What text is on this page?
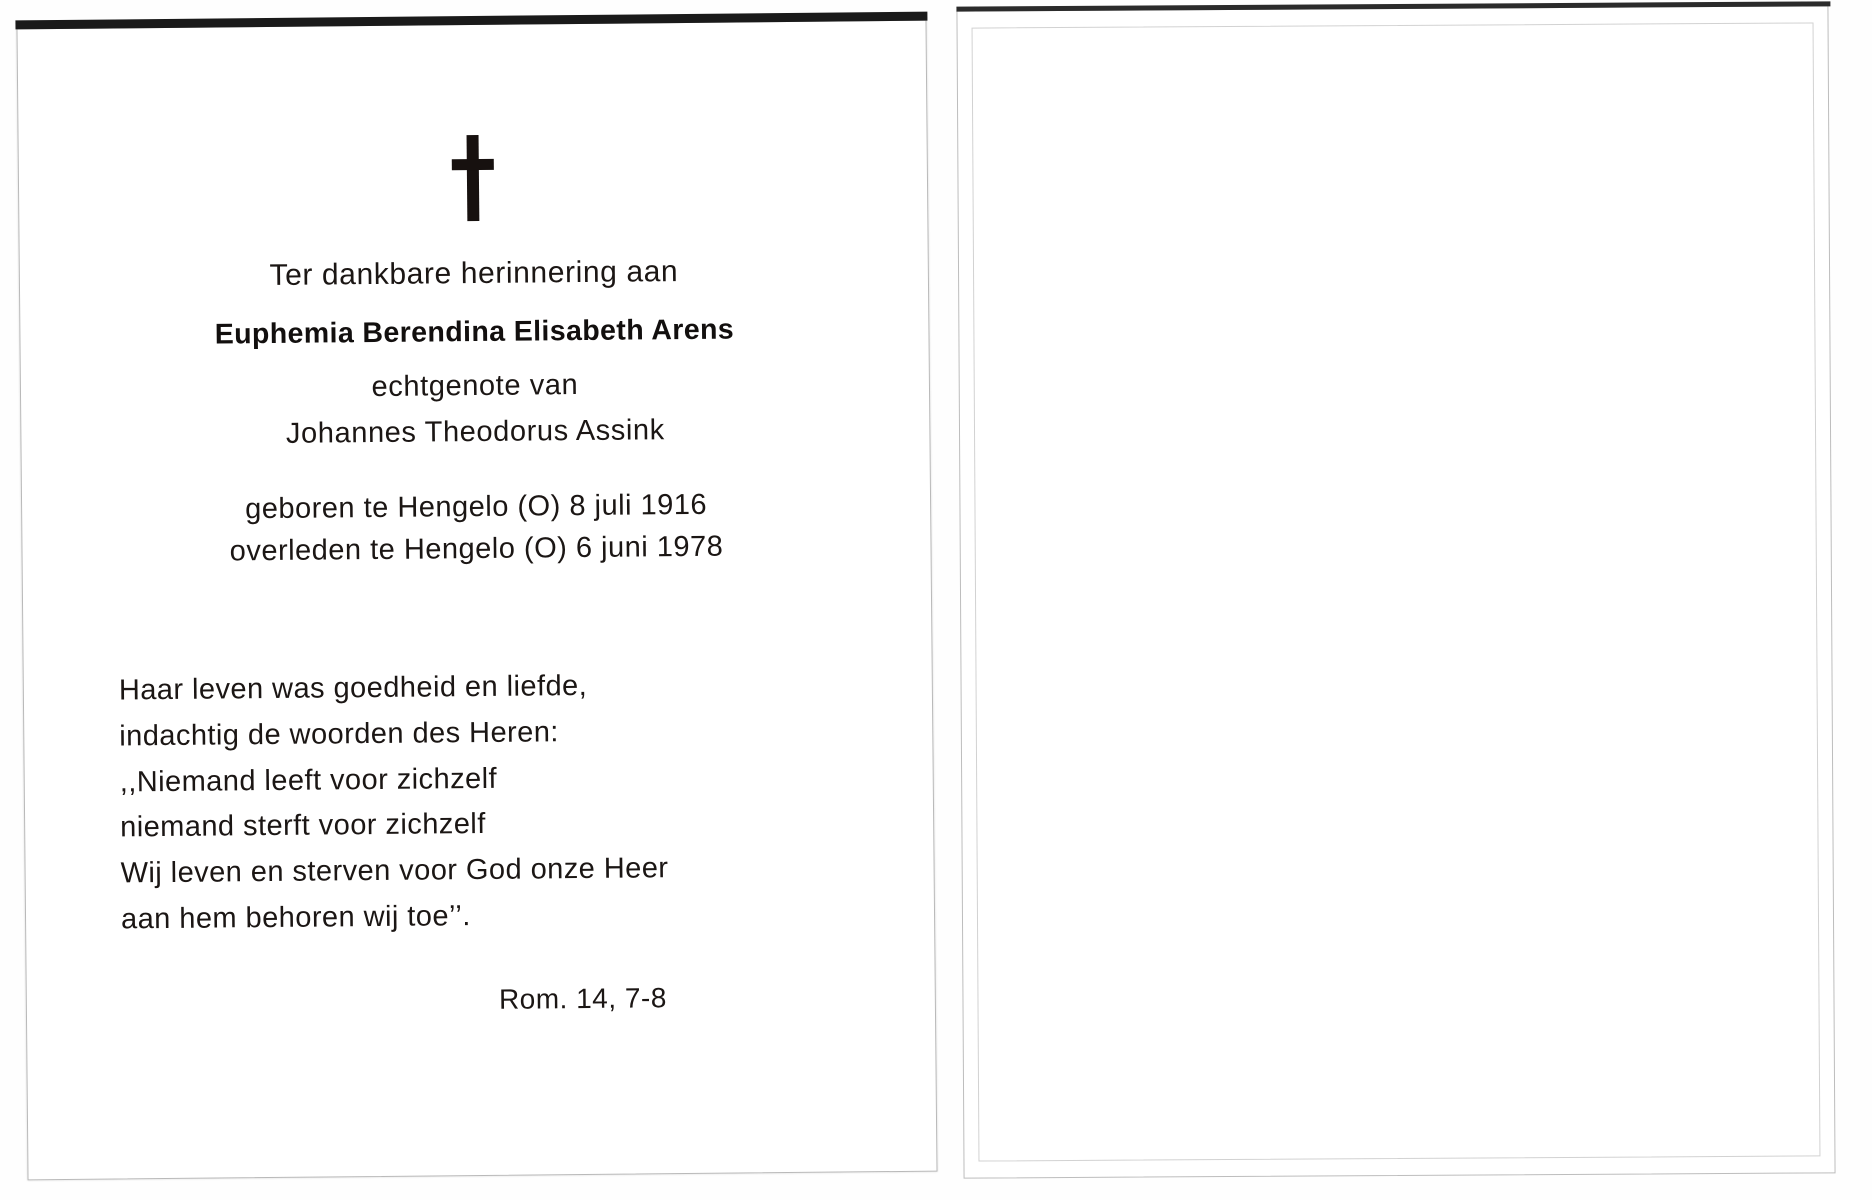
Ter dankbare herinnering aan
Euphemia Berendina Elisabeth Arens
echtgenote van
Johannes Theodorus Assink
geboren te Hengelo (O) 8 juli 1916
overleden te Hengelo (O) 6 juni 1978
Haar leven was goedheid en liefde,
indachtig de woorden des Heren:
,,Niemand leeft voor zichzelf
niemand sterft voor zichzelf
Wij leven en sterven voor God onze Heer
aan hem behoren wij toe’’.
Rom. 14, 7-8
